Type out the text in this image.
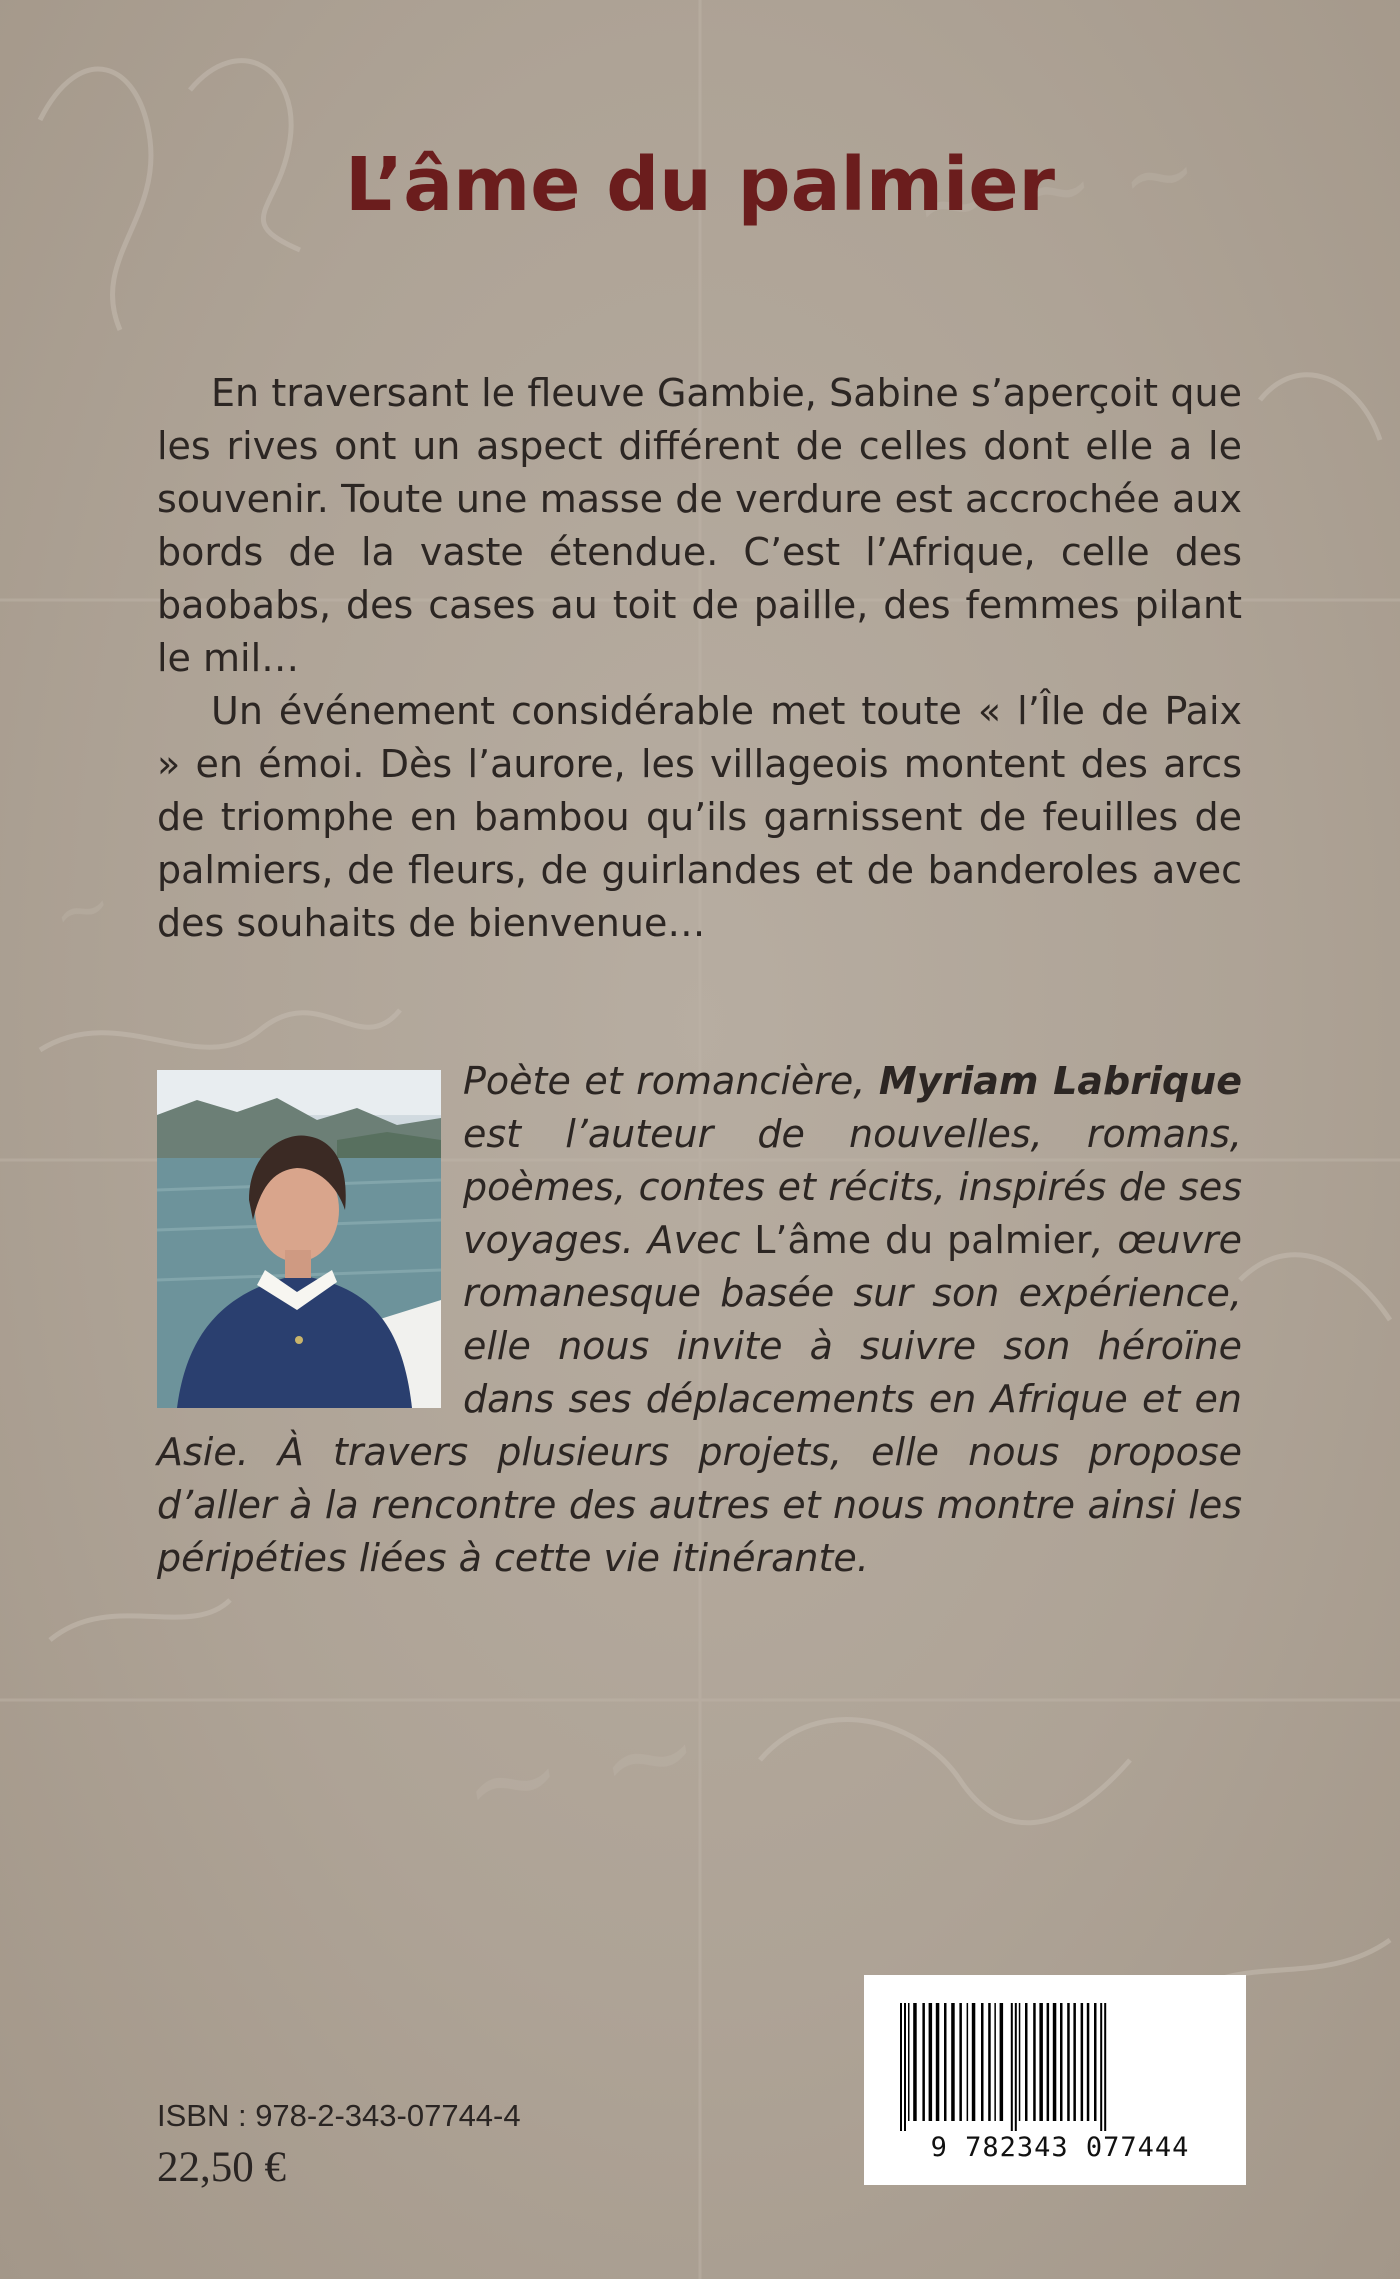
~ ~ ~
~ ~
~
L’âme du palmier

En traversant le fleuve Gambie, Sabine s’aperçoit que les rives ont un aspect différent de celles dont elle a le souvenir. Toute une masse de verdure est accrochée aux bords de la vaste étendue. C’est l’Afrique, celle des baobabs, des cases au toit de paille, des femmes pilant le mil…

Un événement considérable met toute « l’Île de Paix » en émoi. Dès l’aurore, les villageois montent des arcs de triomphe en bambou qu’ils garnissent de feuilles de palmiers, de fleurs, de guirlandes et de banderoles avec des souhaits de bienvenue…

Poète et romancière, Myriam Labrique est l’auteur de nouvelles, romans, poèmes, contes et récits, inspirés de ses voyages. Avec L’âme du palmier, œuvre romanesque basée sur son expérience, elle nous invite à suivre son héroïne dans ses déplacements en Afrique et en Asie. À travers plusieurs projets, elle nous propose d’aller à la rencontre des autres et nous montre ainsi les péripéties liées à cette vie itinérante.
ISBN : 978-2-343-07744-4
22,50 €	9 782343 077444
